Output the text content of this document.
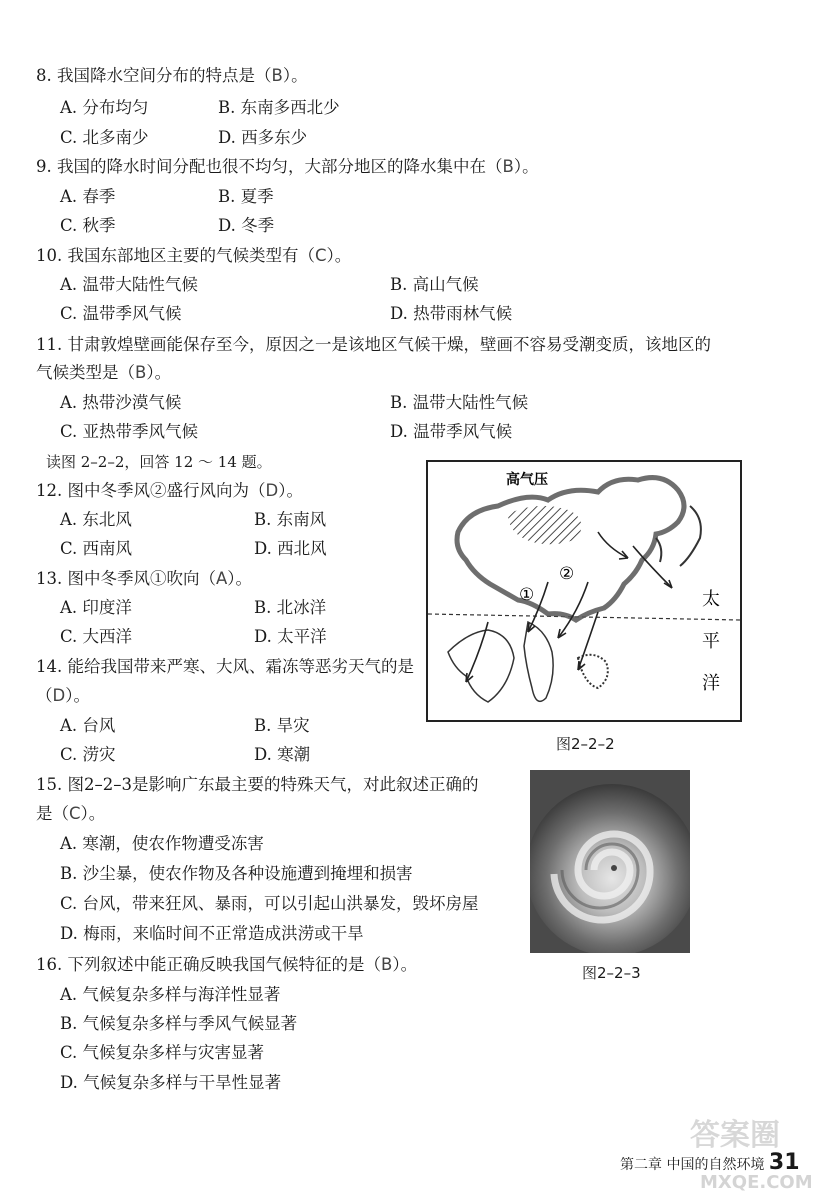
8. 我国降水空间分布的特点是（B）。
A. 分布均匀	B. 东南多西北少
C. 北多南少	D. 西多东少
9. 我国的降水时间分配也很不均匀，大部分地区的降水集中在（B）。
A. 春季	B. 夏季
C. 秋季	D. 冬季
10. 我国东部地区主要的气候类型有（C）。
A. 温带大陆性气候	B. 高山气候
C. 温带季风气候	D. 热带雨林气候
11. 甘肃敦煌壁画能保存至今，原因之一是该地区气候干燥，壁画不容易受潮变质，该地区的
气候类型是（B）。
A. 热带沙漠气候	B. 温带大陆性气候
C. 亚热带季风气候	D. 温带季风气候
读图 2–2–2，回答 12 ～ 14 题。
12. 图中冬季风②盛行风向为（D）。
A. 东北风	B. 东南风
C. 西南风	D. 西北风
13. 图中冬季风①吹向（A）。
A. 印度洋	B. 北冰洋
C. 大西洋	D. 太平洋
14. 能给我国带来严寒、大风、霜冻等恶劣天气的是
（D）。
A. 台风	B. 旱灾
C. 涝灾	D. 寒潮
15. 图2–2–3是影响广东最主要的特殊天气，对此叙述正确的
是（C）。
A. 寒潮，使农作物遭受冻害
B. 沙尘暴，使农作物及各种设施遭到掩埋和损害
C. 台风，带来狂风、暴雨，可以引起山洪暴发，毁坏房屋
D. 梅雨，来临时间不正常造成洪涝或干旱
16. 下列叙述中能正确反映我国气候特征的是（B）。
A. 气候复杂多样与海洋性显著
B. 气候复杂多样与季风气候显著
C. 气候复杂多样与灾害显著
D. 气候复杂多样与干旱性显著
高气压
①
②
太
平
洋
图2–2–2
图2–2–3
答案圈
MXQE.COM
第二章 中国的自然环境 31
